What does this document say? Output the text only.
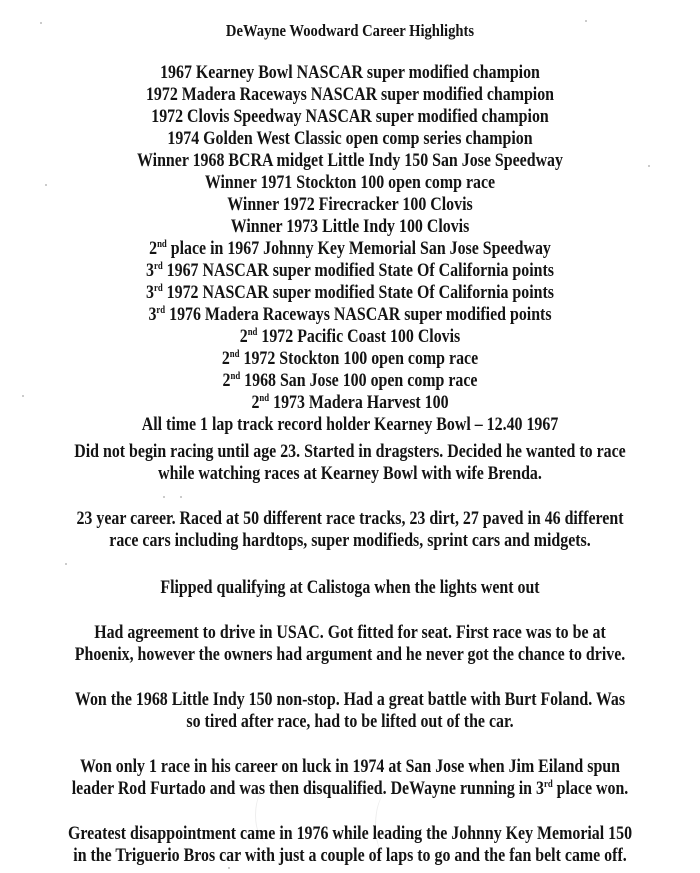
DeWayne Woodward Career Highlights
1967 Kearney Bowl NASCAR super modified champion
1972 Madera Raceways NASCAR super modified champion
1972 Clovis Speedway NASCAR super modified champion
1974 Golden West Classic open comp series champion
Winner 1968 BCRA midget Little Indy 150 San Jose Speedway
Winner 1971 Stockton 100 open comp race
Winner 1972 Firecracker 100 Clovis
Winner 1973 Little Indy 100 Clovis
2nd place in 1967 Johnny Key Memorial San Jose Speedway
3rd 1967 NASCAR super modified State Of California points
3rd 1972 NASCAR super modified State Of California points
3rd 1976 Madera Raceways NASCAR super modified points
2nd 1972 Pacific Coast 100 Clovis
2nd 1972 Stockton 100 open comp race
2nd 1968 San Jose 100 open comp race
2nd 1973 Madera Harvest 100
All time 1 lap track record holder Kearney Bowl – 12.40 1967
Did not begin racing until age 23. Started in dragsters. Decided he wanted to race
while watching races at Kearney Bowl with wife Brenda.
23 year career. Raced at 50 different race tracks, 23 dirt, 27 paved in 46 different
race cars including hardtops, super modifieds, sprint cars and midgets.
Flipped qualifying at Calistoga when the lights went out
Had agreement to drive in USAC. Got fitted for seat. First race was to be at
Phoenix, however the owners had argument and he never got the chance to drive.
Won the 1968 Little Indy 150 non-stop. Had a great battle with Burt Foland. Was
so tired after race, had to be lifted out of the car.
Won only 1 race in his career on luck in 1974 at San Jose when Jim Eiland spun
leader Rod Furtado and was then disqualified. DeWayne running in 3rd place won.
Greatest disappointment came in 1976 while leading the Johnny Key Memorial 150
in the Triguerio Bros car with just a couple of laps to go and the fan belt came off.
